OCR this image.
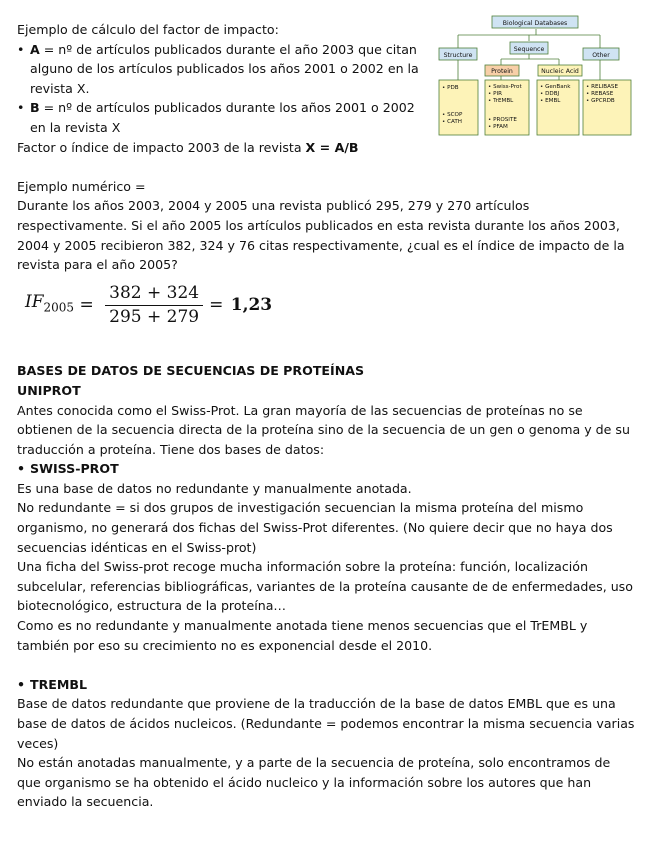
Biological Databases
Structure
Sequence
Other
Protein	Nucleic Acid
• PDB
• SCOP
• CATH
• Swiss-Prot
• PIR
• TrEMBL
• PROSITE
• PFAM
• GenBank
• DDBJ
• EMBL
• RELIBASE
• REBASE
• GPCRDB

Ejemplo de cálculo del factor de impacto:

• A = nº de artículos publicados durante el año 2003 que citan alguno de los artículos publicados los años 2001 o 2002 en la revista X.
• B = nº de artículos publicados durante los años 2001 o 2002 en la revista X

Factor o índice de impacto 2003 de la revista X = A/B

Ejemplo numérico =

Durante los años 2003, 2004 y 2005 una revista publicó 295, 279 y 270 artículos respectivamente. Si el año 2005 los artículos publicados en esta revista durante los años 2003, 2004 y 2005 recibieron 382, 324 y 76 citas respectivamente, ¿cual es el índice de impacto de la revista para el año 2005?

$IF_{2005} = \frac{382 + 324}{295 + 279} = 1,23$

BASES DE DATOS DE SECUENCIAS DE PROTEÍNAS

UNIPROT

Antes conocida como el Swiss-Prot. La gran mayoría de las secuencias de proteínas no se obtienen de la secuencia directa de la proteína sino de la secuencia de un gen o genoma y de su traducción a proteína. Tiene dos bases de datos:

• SWISS-PROT

Es una base de datos no redundante y manualmente anotada.

No redundante = si dos grupos de investigación secuencian la misma proteína del mismo organismo, no generará dos fichas del Swiss-Prot diferentes. (No quiere decir que no haya dos secuencias idénticas en el Swiss-prot)

Una ficha del Swiss-prot recoge mucha información sobre la proteína: función, localización subcelular, referencias bibliográficas, variantes de la proteína causante de de enfermedades, uso biotecnológico, estructura de la proteína…

Como es no redundante y manualmente anotada tiene menos secuencias que el TrEMBL y también por eso su crecimiento no es exponencial desde el 2010.

• TREMBL

Base de datos redundante que proviene de la traducción de la base de datos EMBL que es una base de datos de ácidos nucleicos. (Redundante = podemos encontrar la misma secuencia varias veces)

No están anotadas manualmente, y a parte de la secuencia de proteína, solo encontramos de que organismo se ha obtenido el ácido nucleico y la información sobre los autores que han enviado la secuencia.
